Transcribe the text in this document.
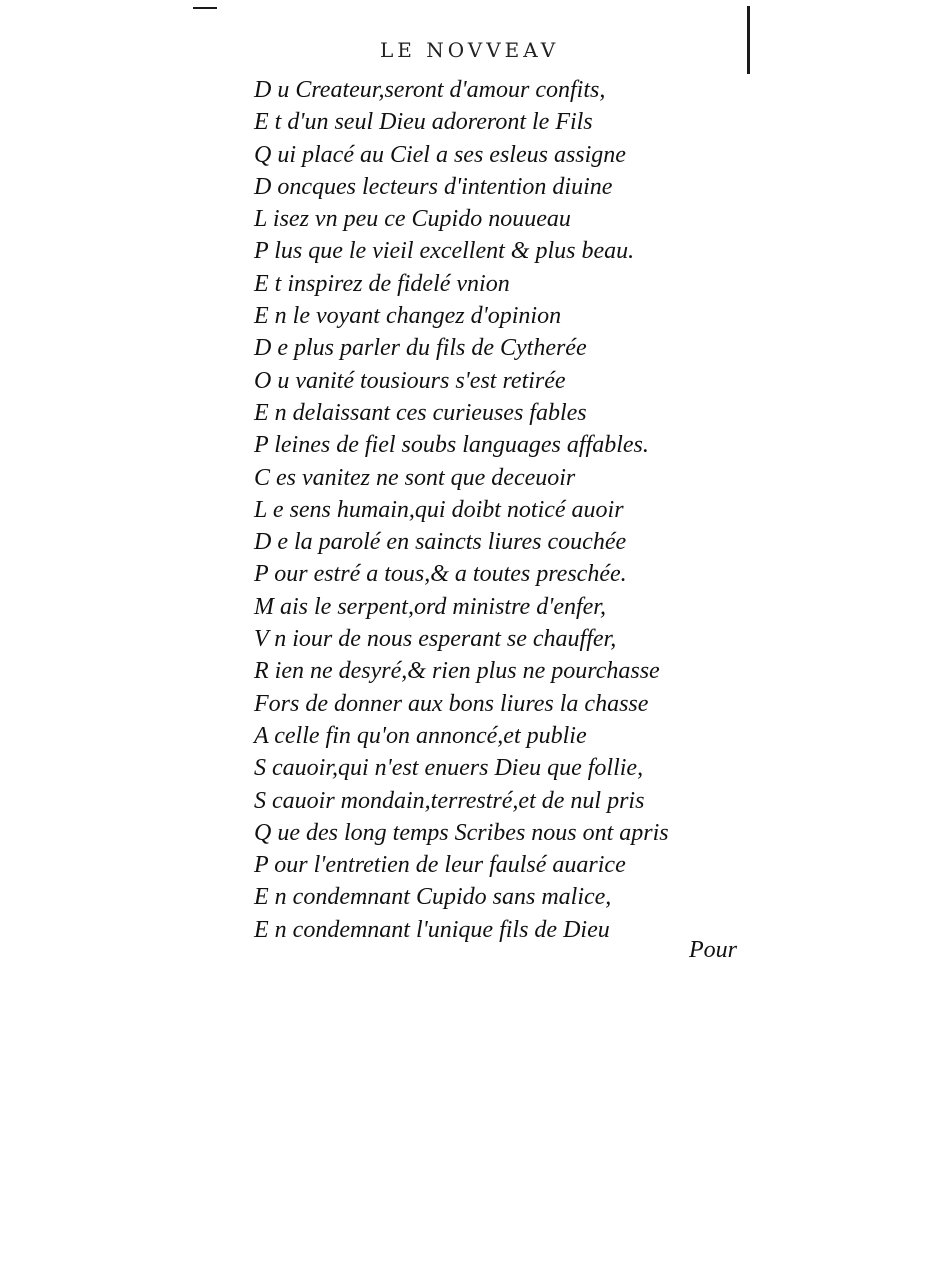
LE NOVVEAV
D u Createur,seront d'amour confits,
E t d'un seul Dieu adoreront le Fils
Q ui placé au Ciel a ses esleus assigne
D oncques lecteurs d'intention diuine
L isez vn peu ce Cupido nouueau
P lus que le vieil excellent & plus beau.
E t inspirez de fidelé vnion
E n le voyant changez d'opinion
D e plus parler du fils de Cytherée
O u vanité tousiours s'est retirée
E n delaissant ces curieuses fables
P leines de fiel soubs languages affables.
C es vanitez ne sont que deceuoir
L e sens humain,qui doibt noticé auoir
D e la parolé en saincts liures couchée
P our estré a tous,& a toutes preschée.
M ais le serpent,ord ministre d'enfer,
V n iour de nous esperant se chauffer,
R ien ne desyré,& rien plus ne pourchasse
Fors de donner aux bons liures la chasse
A celle fin qu'on annoncé,et publie
S cauoir,qui n'est enuers Dieu que follie,
S cauoir mondain,terrestré,et de nul pris
Q ue des long temps Scribes nous ont apris
P our l'entretien de leur faulsé auarice
E n condemnant Cupido sans malice,
E n condemnant l'unique fils de Dieu
Pour
